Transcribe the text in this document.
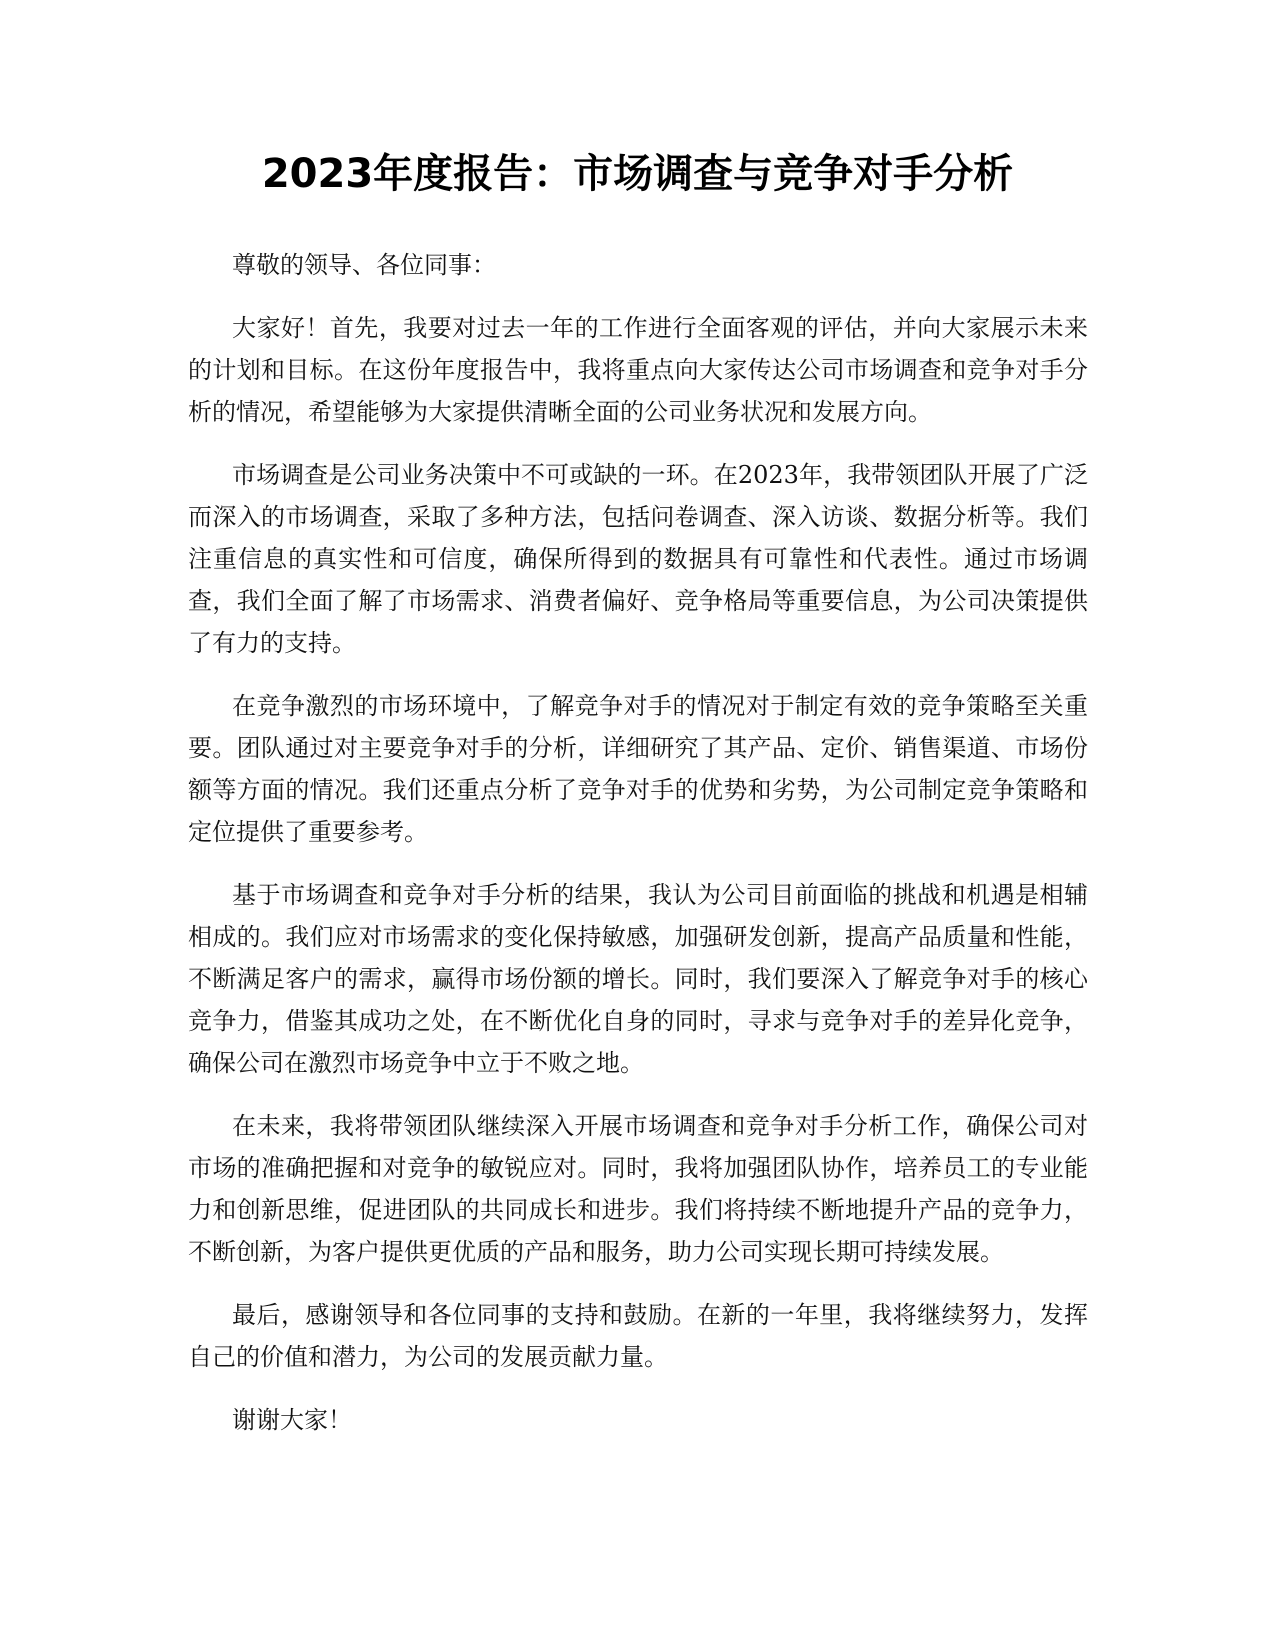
2023年度报告：市场调查与竞争对手分析

尊敬的领导、各位同事：

大家好！首先，我要对过去一年的工作进行全面客观的评估，并向大家展示未来的计划和目标。在这份年度报告中，我将重点向大家传达公司市场调查和竞争对手分析的情况，希望能够为大家提供清晰全面的公司业务状况和发展方向。

市场调查是公司业务决策中不可或缺的一环。在2023年，我带领团队开展了广泛而深入的市场调查，采取了多种方法，包括问卷调查、深入访谈、数据分析等。我们注重信息的真实性和可信度，确保所得到的数据具有可靠性和代表性。通过市场调查，我们全面了解了市场需求、消费者偏好、竞争格局等重要信息，为公司决策提供了有力的支持。

在竞争激烈的市场环境中，了解竞争对手的情况对于制定有效的竞争策略至关重要。团队通过对主要竞争对手的分析，详细研究了其产品、定价、销售渠道、市场份额等方面的情况。我们还重点分析了竞争对手的优势和劣势，为公司制定竞争策略和定位提供了重要参考。

基于市场调查和竞争对手分析的结果，我认为公司目前面临的挑战和机遇是相辅相成的。我们应对市场需求的变化保持敏感，加强研发创新，提高产品质量和性能，不断满足客户的需求，赢得市场份额的增长。同时，我们要深入了解竞争对手的核心竞争力，借鉴其成功之处，在不断优化自身的同时，寻求与竞争对手的差异化竞争，确保公司在激烈市场竞争中立于不败之地。

在未来，我将带领团队继续深入开展市场调查和竞争对手分析工作，确保公司对市场的准确把握和对竞争的敏锐应对。同时，我将加强团队协作，培养员工的专业能力和创新思维，促进团队的共同成长和进步。我们将持续不断地提升产品的竞争力，不断创新，为客户提供更优质的产品和服务，助力公司实现长期可持续发展。

最后，感谢领导和各位同事的支持和鼓励。在新的一年里，我将继续努力，发挥自己的价值和潜力，为公司的发展贡献力量。

谢谢大家！
